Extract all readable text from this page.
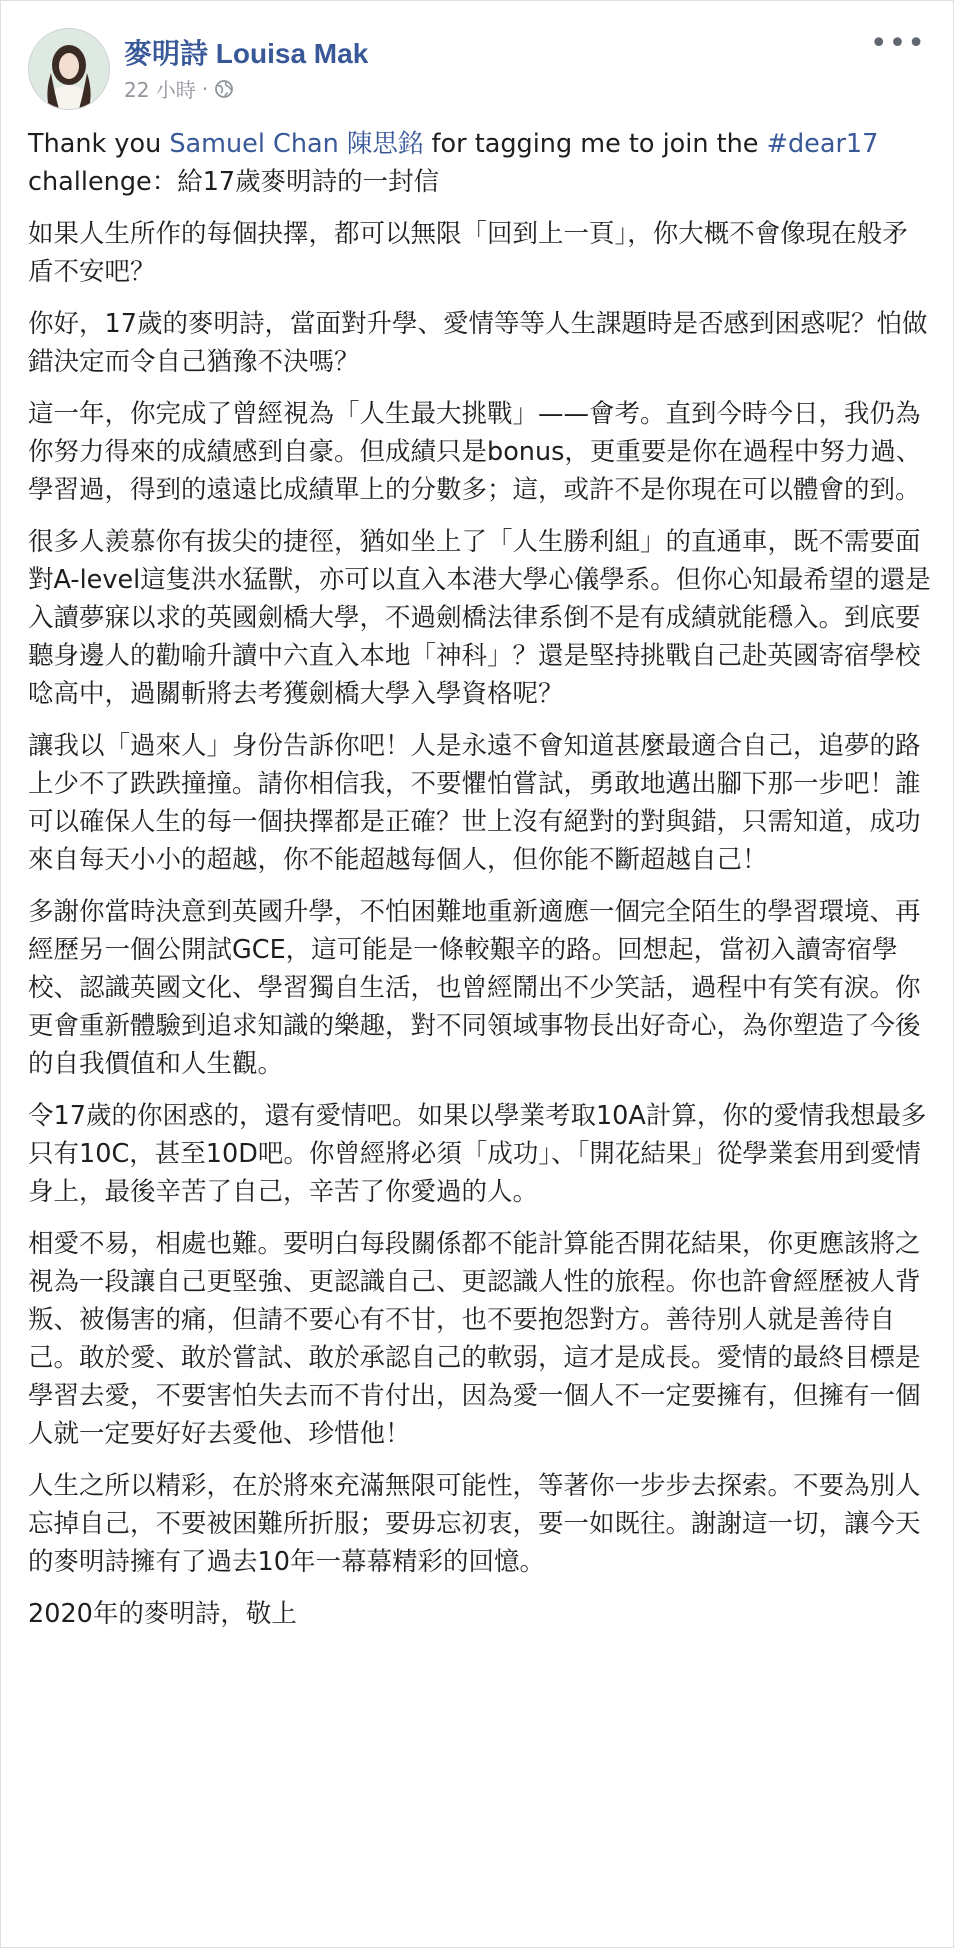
麥明詩 Louisa Mak
22 小時 ·
•••

Thank you Samuel Chan 陳思銘 for tagging me to join the #dear17 challenge：給17歲麥明詩的一封信

如果人生所作的每個抉擇，都可以無限「回到上一頁」，你大概不會像現在般矛盾不安吧？

你好，17歲的麥明詩，當面對升學、愛情等等人生課題時是否感到困惑呢？怕做錯決定而令自己猶豫不決嗎？

這一年，你完成了曾經視為「人生最大挑戰」——會考。直到今時今日，我仍為你努力得來的成績感到自豪。但成績只是bonus，更重要是你在過程中努力過、學習過，得到的遠遠比成績單上的分數多；這，或許不是你現在可以體會的到。

很多人羨慕你有拔尖的捷徑，猶如坐上了「人生勝利組」的直通車，既不需要面對A-level這隻洪水猛獸，亦可以直入本港大學心儀學系。但你心知最希望的還是入讀夢寐以求的英國劍橋大學，不過劍橋法律系倒不是有成績就能穩入。到底要聽身邊人的勸喻升讀中六直入本地「神科」？還是堅持挑戰自己赴英國寄宿學校唸高中，過關斬將去考獲劍橋大學入學資格呢？

讓我以「過來人」身份告訴你吧！人是永遠不會知道甚麼最適合自己，追夢的路上少不了跌跌撞撞。請你相信我，不要懼怕嘗試，勇敢地邁出腳下那一步吧！誰可以確保人生的每一個抉擇都是正確？世上沒有絕對的對與錯，只需知道，成功來自每天小小的超越，你不能超越每個人，但你能不斷超越自己！

多謝你當時決意到英國升學，不怕困難地重新適應一個完全陌生的學習環境、再經歷另一個公開試GCE，這可能是一條較艱辛的路。回想起，當初入讀寄宿學校、認識英國文化、學習獨自生活，也曾經鬧出不少笑話，過程中有笑有淚。你更會重新體驗到追求知識的樂趣，對不同領域事物長出好奇心，為你塑造了今後的自我價值和人生觀。

令17歲的你困惑的，還有愛情吧。如果以學業考取10A計算，你的愛情我想最多只有10C，甚至10D吧。你曾經將必須「成功」、「開花結果」從學業套用到愛情身上，最後辛苦了自己，辛苦了你愛過的人。

相愛不易，相處也難。要明白每段關係都不能計算能否開花結果，你更應該將之視為一段讓自己更堅強、更認識自己、更認識人性的旅程。你也許會經歷被人背叛、被傷害的痛，但請不要心有不甘，也不要抱怨對方。善待別人就是善待自己。敢於愛、敢於嘗試、敢於承認自己的軟弱，這才是成長。愛情的最終目標是學習去愛，不要害怕失去而不肯付出，因為愛一個人不一定要擁有，但擁有一個人就一定要好好去愛他、珍惜他！

人生之所以精彩，在於將來充滿無限可能性，等著你一步步去探索。不要為別人忘掉自己，不要被困難所折服；要毋忘初衷，要一如既往。謝謝這一切，讓今天的麥明詩擁有了過去10年一幕幕精彩的回憶。

2020年的麥明詩，敬上
